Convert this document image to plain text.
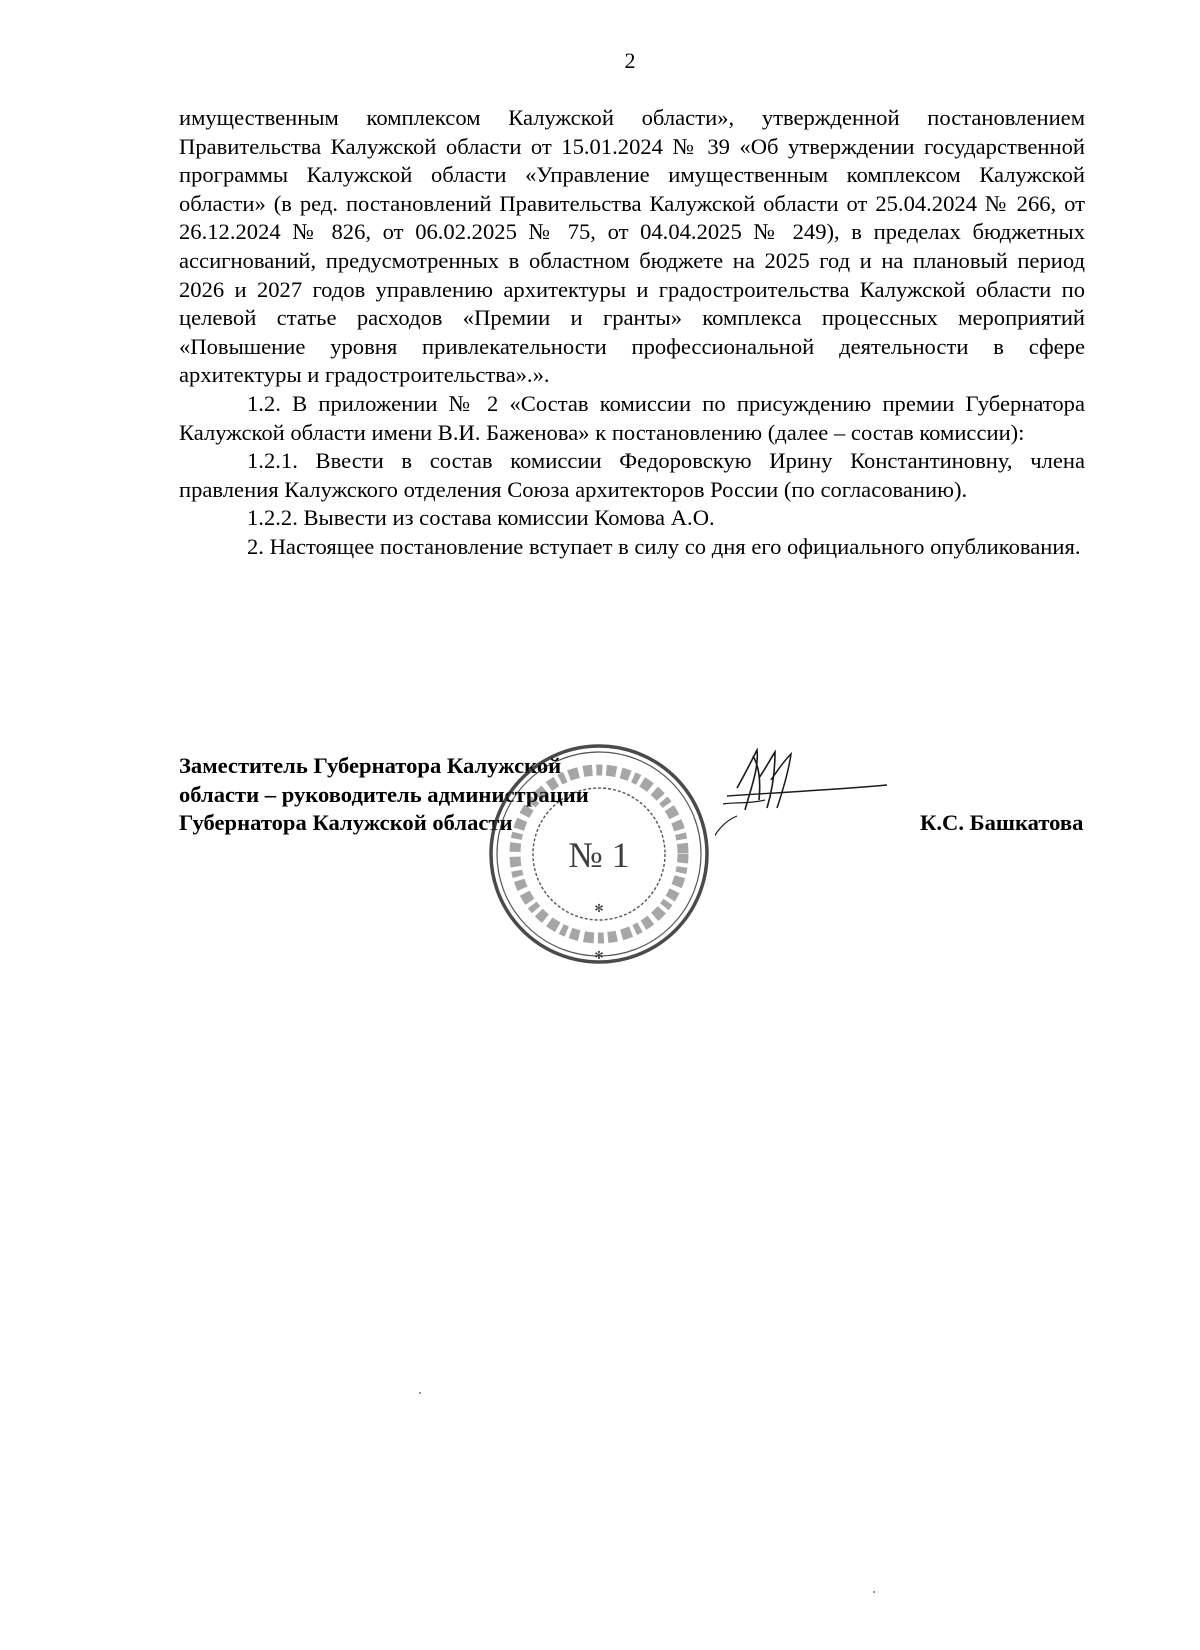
2

имущественным комплексом Калужской области», утвержденной постановлением Правительства Калужской области от 15.01.2024 № 39 «Об утверждении государственной программы Калужской области «Управление имущественным комплексом Калужской области» (в ред. постановлений Правительства Калужской области от 25.04.2024 № 266, от 26.12.2024 № 826, от 06.02.2025 № 75, от 04.04.2025 № 249), в пределах бюджетных ассигнований, предусмотренных в областном бюджете на 2025 год и на плановый период 2026 и 2027 годов управлению архитектуры и градостроительства Калужской области по целевой статье расходов «Премии и гранты» комплекса процессных мероприятий «Повышение уровня привлекательности профессиональной деятельности в сфере архитектуры и градостроительства».».

1.2. В приложении № 2 «Состав комиссии по присуждению премии Губернатора Калужской области имени В.И. Баженова» к постановлению (далее – состав комиссии):

1.2.1. Ввести в состав комиссии Федоровскую Ирину Константиновну, члена правления Калужского отделения Союза архитекторов России (по согласованию).

1.2.2. Вывести из состава комиссии Комова А.О.

2. Настоящее постановление вступает в силу со дня его официального опубликования.

Заместитель Губернатора Калужской
области – руководитель администрации
Губернатора Калужской области
№ 1
✻
✻
К.С. Башкатова
